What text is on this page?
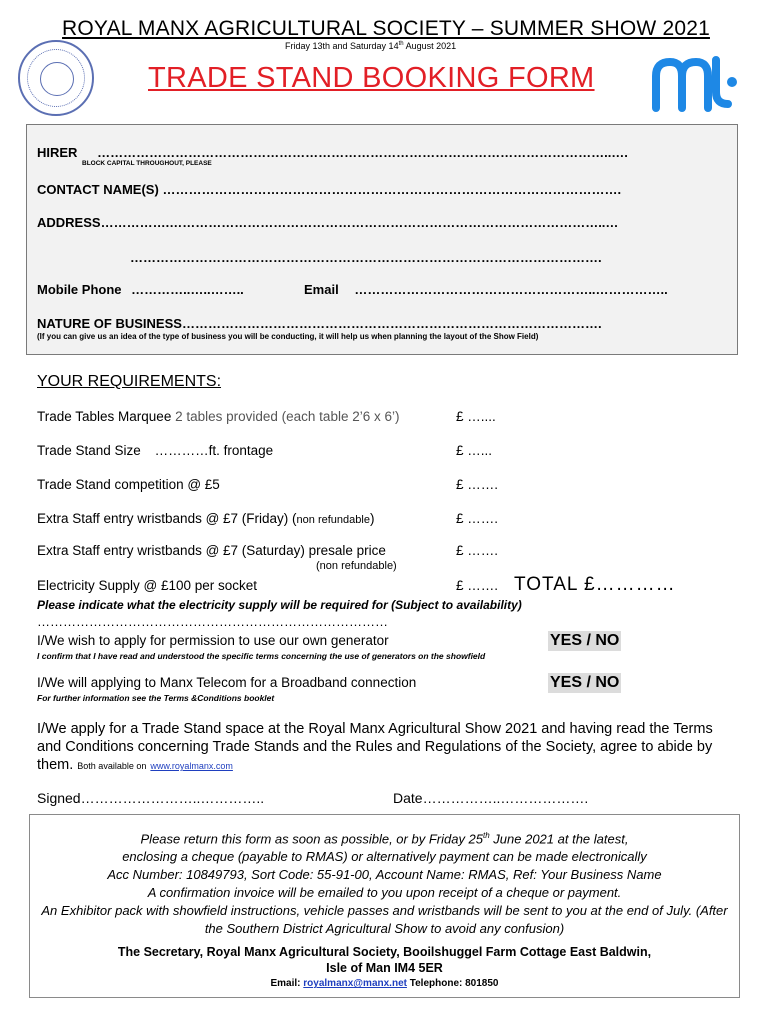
ROYAL MANX AGRICULTURAL SOCIETY – SUMMER SHOW 2021
Friday 13th and Saturday 14th August 2021
TRADE STAND BOOKING FORM
HIRER ………………………………………………………………………………………………………..….
BLOCK CAPITAL THROUGHOUT, PLEASE
CONTACT NAME(S) …………………………………………………………………………………………….
ADDRESS…………….………………………………………………………………………………………..…
……………………………………………………………………………………………….
Mobile Phone …………..…..……..	Email ………………………………………………..……………..
NATURE OF BUSINESS…………………………………………………………………………………….
(If you can give us an idea of the type of business you will be conducting, it will help us when planning the layout of the Show Field)
YOUR REQUIREMENTS:
Trade Tables Marquee 2 tables provided (each table 2’6 x 6’)	£ …....
Trade Stand Size …………ft. frontage	£ …...
Trade Stand competition @ £5	£ …….
Extra Staff entry wristbands @ £7 (Friday) (non refundable)	£ …….
Extra Staff entry wristbands @ £7 (Saturday) presale price	£ …….
(non refundable)
Electricity Supply @ £100 per socket	£ ……. TOTAL £…………
Please indicate what the electricity supply will be required for (Subject to availability)
………………………………………………………………………
I/We wish to apply for permission to use our own generator	YES / NO
I confirm that I have read and understood the specific terms concerning the use of generators on the showfield
I/We will applying to Manx Telecom for a Broadband connection	YES / NO
For further information see the Terms &Conditions booklet
I/We apply for a Trade Stand space at the Royal Manx Agricultural Show 2021 and having read the Terms and Conditions concerning Trade Stands and the Rules and Regulations of the Society, agree to abide by them. Both available on www.royalmanx.com
Signed……………………..…………..	Date……………..……………….
Please return this form as soon as possible, or by Friday 25th June 2021 at the latest,
enclosing a cheque (payable to RMAS) or alternatively payment can be made electronically
Acc Number: 10849793, Sort Code: 55-91-00, Account Name: RMAS, Ref: Your Business Name
A confirmation invoice will be emailed to you upon receipt of a cheque or payment.
An Exhibitor pack with showfield instructions, vehicle passes and wristbands will be sent to you at the end of July. (After the Southern District Agricultural Show to avoid any confusion)
The Secretary, Royal Manx Agricultural Society, Booilshuggel Farm Cottage East Baldwin,
Isle of Man IM4 5ER
Email: royalmanx@manx.net Telephone: 801850
